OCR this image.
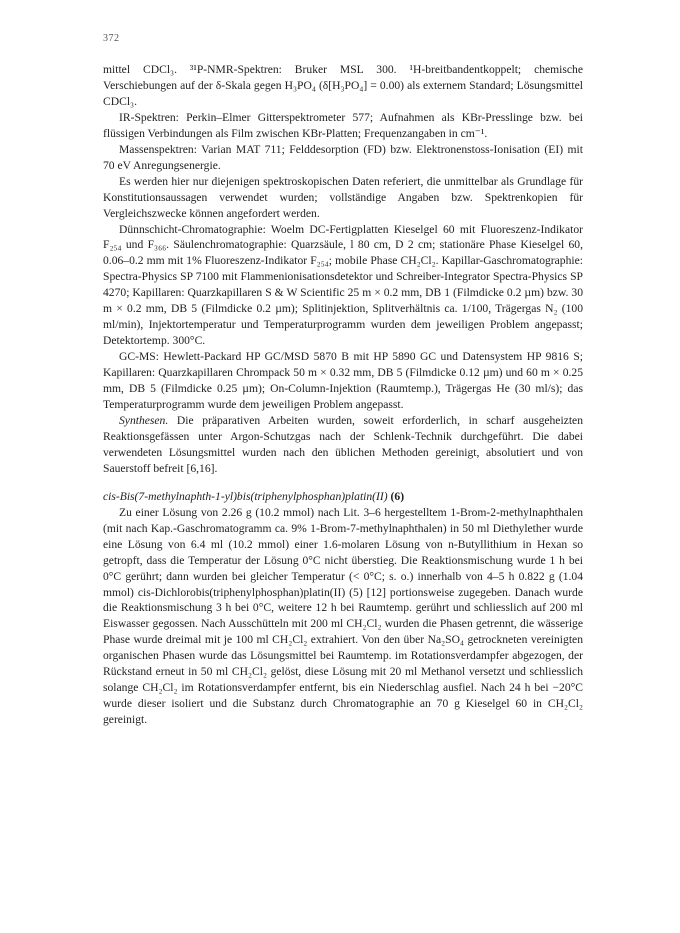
372

mittel CDCl₃. ³¹P-NMR-Spektren: Bruker MSL 300. ¹H-breitbandentkoppelt; chemische Verschiebungen auf der δ-Skala gegen H₃PO₄ (δ[H₃PO₄] = 0.00) als externem Standard; Lösungsmittel CDCl₃.

IR-Spektren: Perkin–Elmer Gitterspektrometer 577; Aufnahmen als KBr-Presslinge bzw. bei flüssigen Verbindungen als Film zwischen KBr-Platten; Frequenzangaben in cm⁻¹.

Massenspektren: Varian MAT 711; Felddesorption (FD) bzw. Elektronenstoss-Ionisation (EI) mit 70 eV Anregungsenergie.

Es werden hier nur diejenigen spektroskopischen Daten referiert, die unmittelbar als Grundlage für Konstitutionsaussagen verwendet wurden; vollständige Angaben bzw. Spektrenkopien für Vergleichszwecke können angefordert werden.

Dünnschicht-Chromatographie: Woelm DC-Fertigplatten Kieselgel 60 mit Fluoreszenz-Indikator F₂₅₄ und F₃₆₆. Säulenchromatographie: Quarzsäule, l 80 cm, D 2 cm; stationäre Phase Kieselgel 60, 0.06–0.2 mm mit 1% Fluoreszenz-Indikator F₂₅₄; mobile Phase CH₂Cl₂. Kapillar-Gaschromatographie: Spectra-Physics SP 7100 mit Flammenionisationsdetektor und Schreiber-Integrator Spectra-Physics SP 4270; Kapillaren: Quarzkapillaren S & W Scientific 25 m × 0.2 mm, DB 1 (Filmdicke 0.2 µm) bzw. 30 m × 0.2 mm, DB 5 (Filmdicke 0.2 µm); Splitinjektion, Splitverhältnis ca. 1/100, Trägergas N₂ (100 ml/min), Injektortemperatur und Temperaturprogramm wurden dem jeweiligen Problem angepasst; Detektortemp. 300°C.

GC-MS: Hewlett-Packard HP GC/MSD 5870 B mit HP 5890 GC und Datensystem HP 9816 S; Kapillaren: Quarzkapillaren Chrompack 50 m × 0.32 mm, DB 5 (Filmdicke 0.12 µm) und 60 m × 0.25 mm, DB 5 (Filmdicke 0.25 µm); On-Column-Injektion (Raumtemp.), Trägergas He (30 ml/s); das Temperaturprogramm wurde dem jeweiligen Problem angepasst.

Synthesen. Die präparativen Arbeiten wurden, soweit erforderlich, in scharf ausgeheizten Reaktionsgefässen unter Argon-Schutzgas nach der Schlenk-Technik durchgeführt. Die dabei verwendeten Lösungsmittel wurden nach den üblichen Methoden gereinigt, absolutiert und von Sauerstoff befreit [6,16].

cis-Bis(7-methylnaphth-1-yl)bis(triphenylphosphan)platin(II) (6)

Zu einer Lösung von 2.26 g (10.2 mmol) nach Lit. 3–6 hergestelltem 1-Brom-2-methylnaphthalen (mit nach Kap.-Gaschromatogramm ca. 9% 1-Brom-7-methylnaphthalen) in 50 ml Diethylether wurde eine Lösung von 6.4 ml (10.2 mmol) einer 1.6-molaren Lösung von n-Butyllithium in Hexan so getropft, dass die Temperatur der Lösung 0°C nicht überstieg. Die Reaktionsmischung wurde 1 h bei 0°C gerührt; dann wurden bei gleicher Temperatur (< 0°C; s. o.) innerhalb von 4–5 h 0.822 g (1.04 mmol) cis-Dichlorobis(triphenylphosphan)platin(II) (5) [12] portionsweise zugegeben. Danach wurde die Reaktionsmischung 3 h bei 0°C, weitere 12 h bei Raumtemp. gerührt und schliesslich auf 200 ml Eiswasser gegossen. Nach Ausschütteln mit 200 ml CH₂Cl₂ wurden die Phasen getrennt, die wässerige Phase wurde dreimal mit je 100 ml CH₂Cl₂ extrahiert. Von den über Na₂SO₄ getrockneten vereinigten organischen Phasen wurde das Lösungsmittel bei Raumtemp. im Rotationsverdampfer abgezogen, der Rückstand erneut in 50 ml CH₂Cl₂ gelöst, diese Lösung mit 20 ml Methanol versetzt und schliesslich solange CH₂Cl₂ im Rotationsverdampfer entfernt, bis ein Niederschlag ausfiel. Nach 24 h bei −20°C wurde dieser isoliert und die Substanz durch Chromatographie an 70 g Kieselgel 60 in CH₂Cl₂ gereinigt.
